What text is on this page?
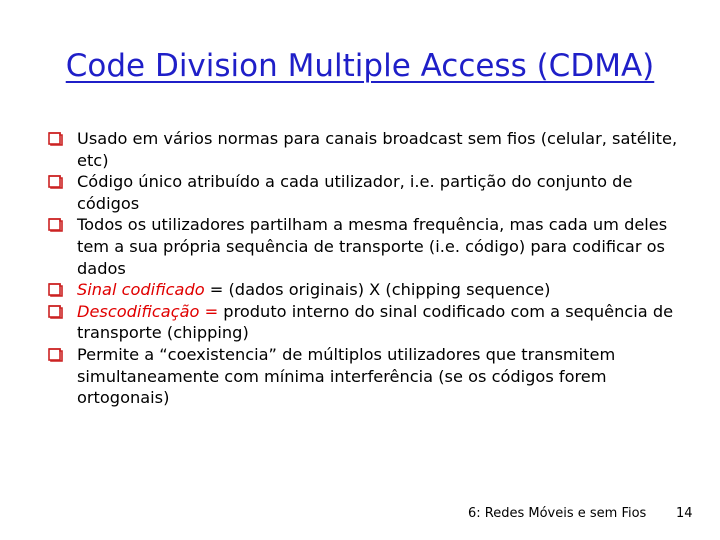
Code Division Multiple Access (CDMA)
Usado em vários normas para canais broadcast sem fios (celular, satélite, etc)
Código único atribuído a cada utilizador, i.e. partição do conjunto de códigos
Todos os utilizadores partilham a mesma frequência, mas cada um deles tem a sua própria sequência de transporte (i.e. código) para codificar os dados
Sinal codificado = (dados originais) X (chipping sequence)
Descodificação = produto interno do sinal codificado com a sequência de transporte (chipping)
Permite a “coexistencia” de múltiplos utilizadores que transmitem simultaneamente com mínima interferência (se os códigos forem ortogonais)
6: Redes Móveis e sem Fios 14
